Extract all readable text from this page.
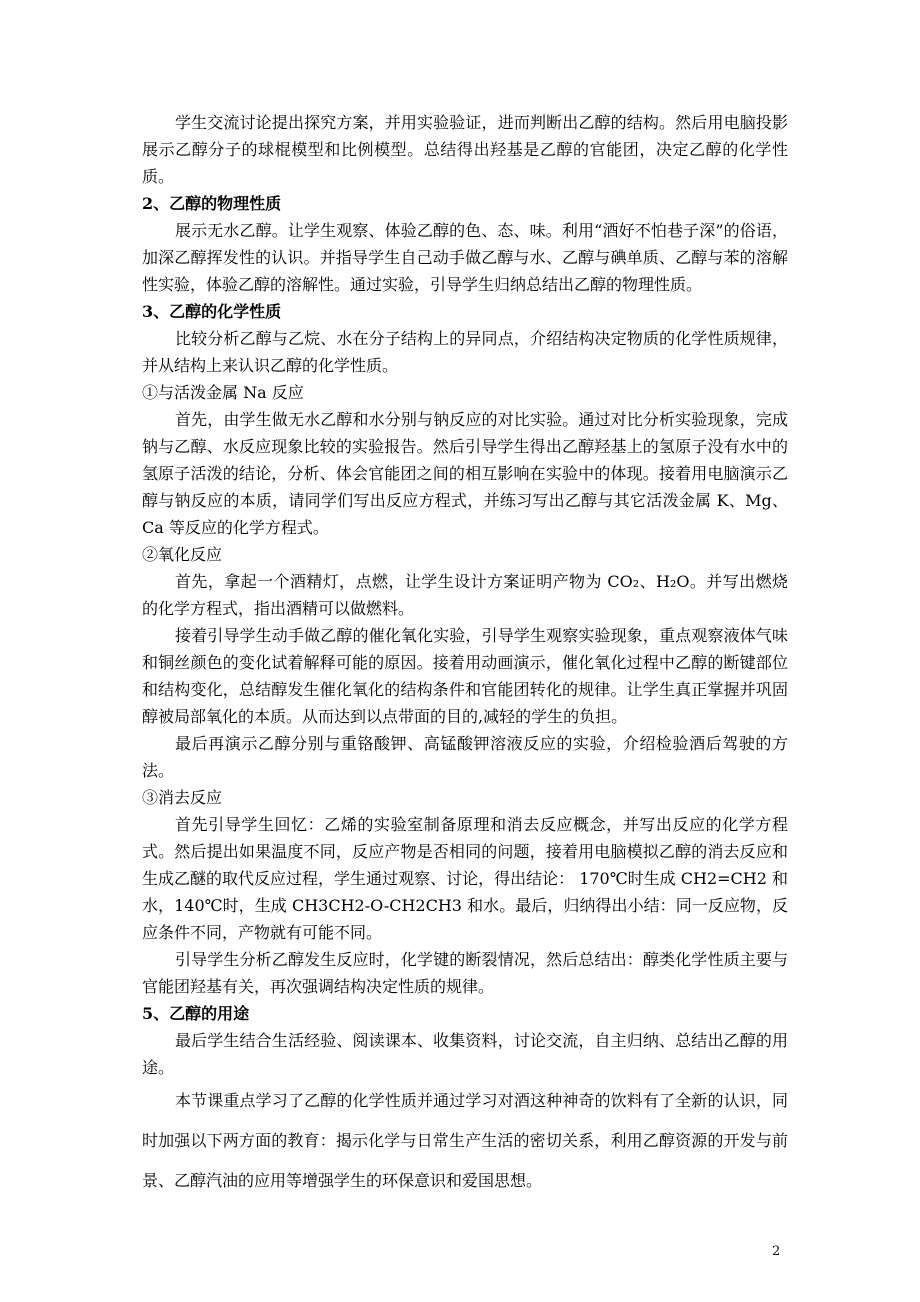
学生交流讨论提出探究方案，并用实验验证，进而判断出乙醇的结构。然后用电脑投影展示乙醇分子的球棍模型和比例模型。总结得出羟基是乙醇的官能团，决定乙醇的化学性质。

2、乙醇的物理性质

展示无水乙醇。让学生观察、体验乙醇的色、态、味。利用“酒好不怕巷子深”的俗语，加深乙醇挥发性的认识。并指导学生自己动手做乙醇与水、乙醇与碘单质、乙醇与苯的溶解性实验，体验乙醇的溶解性。通过实验，引导学生归纳总结出乙醇的物理性质。

3、乙醇的化学性质

比较分析乙醇与乙烷、水在分子结构上的异同点，介绍结构决定物质的化学性质规律，并从结构上来认识乙醇的化学性质。

①与活泼金属 Na 反应

首先，由学生做无水乙醇和水分别与钠反应的对比实验。通过对比分析实验现象，完成钠与乙醇、水反应现象比较的实验报告。然后引导学生得出乙醇羟基上的氢原子没有水中的氢原子活泼的结论，分析、体会官能团之间的相互影响在实验中的体现。接着用电脑演示乙醇与钠反应的本质，请同学们写出反应方程式，并练习写出乙醇与其它活泼金属 K、Mg、Ca 等反应的化学方程式。

②氧化反应

首先，拿起一个酒精灯，点燃，让学生设计方案证明产物为 CO₂、H₂O。并写出燃烧的化学方程式，指出酒精可以做燃料。

接着引导学生动手做乙醇的催化氧化实验，引导学生观察实验现象，重点观察液体气味和铜丝颜色的变化试着解释可能的原因。接着用动画演示，催化氧化过程中乙醇的断键部位和结构变化，总结醇发生催化氧化的结构条件和官能团转化的规律。让学生真正掌握并巩固醇被局部氧化的本质。从而达到以点带面的目的,减轻的学生的负担。

最后再演示乙醇分别与重铬酸钾、高锰酸钾溶液反应的实验，介绍检验酒后驾驶的方法。

③消去反应

首先引导学生回忆：乙烯的实验室制备原理和消去反应概念，并写出反应的化学方程式。然后提出如果温度不同，反应产物是否相同的问题，接着用电脑模拟乙醇的消去反应和生成乙醚的取代反应过程，学生通过观察、讨论，得出结论： 170℃时生成 CH2=CH2 和水，140℃时，生成 CH3CH2-O-CH2CH3 和水。最后，归纳得出小结：同一反应物，反应条件不同，产物就有可能不同。

引导学生分析乙醇发生反应时，化学键的断裂情况，然后总结出：醇类化学性质主要与官能团羟基有关，再次强调结构决定性质的规律。

5、乙醇的用途

最后学生结合生活经验、阅读课本、收集资料，讨论交流，自主归纳、总结出乙醇的用途。

本节课重点学习了乙醇的化学性质并通过学习对酒这种神奇的饮料有了全新的认识，同时加强以下两方面的教育：揭示化学与日常生产生活的密切关系，利用乙醇资源的开发与前景、乙醇汽油的应用等增强学生的环保意识和爱国思想。

2
